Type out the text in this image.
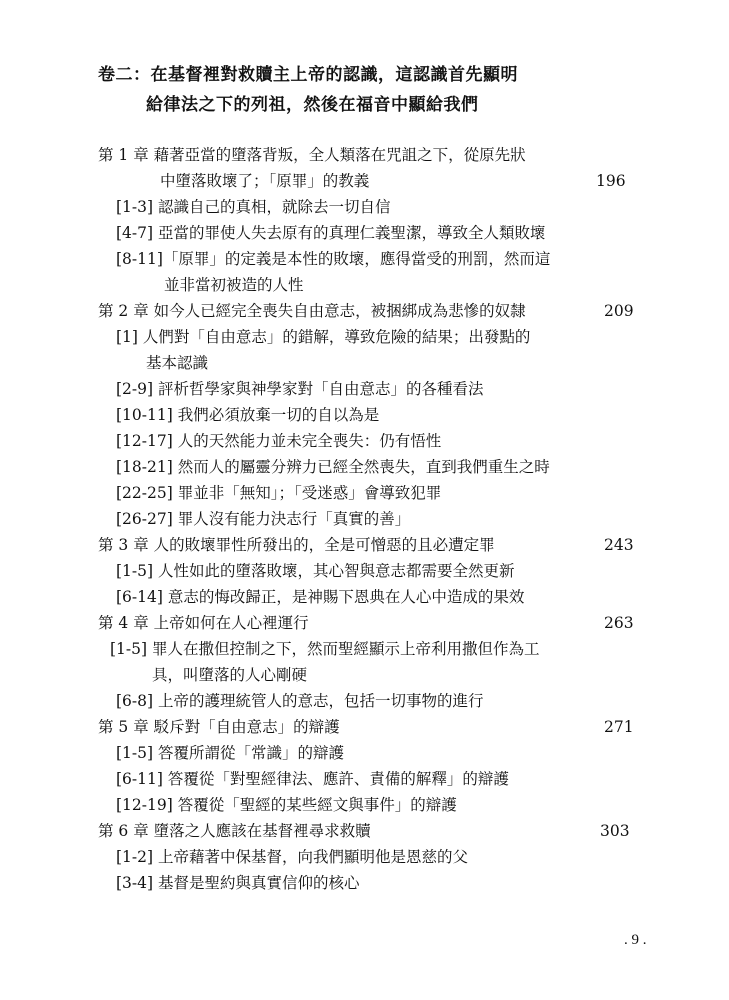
卷二：在基督裡對救贖主上帝的認識，這認識首先顯明
給律法之下的列祖，然後在福音中顯給我們
第 1 章 藉著亞當的墮落背叛，全人類落在咒詛之下，從原先狀
中墮落敗壞了；「原罪」的教義	196
[1-3] 認識自己的真相，就除去一切自信
[4-7] 亞當的罪使人失去原有的真理仁義聖潔，導致全人類敗壞
[8-11]「原罪」的定義是本性的敗壞，應得當受的刑罰，然而這
並非當初被造的人性
第 2 章 如今人已經完全喪失自由意志，被捆綁成為悲慘的奴隸	209
[1] 人們對「自由意志」的錯解，導致危險的結果；出發點的
基本認識
[2-9] 評析哲學家與神學家對「自由意志」的各種看法
[10-11] 我們必須放棄一切的自以為是
[12-17] 人的天然能力並未完全喪失：仍有悟性
[18-21] 然而人的屬靈分辨力已經全然喪失，直到我們重生之時
[22-25] 罪並非「無知」；「受迷惑」會導致犯罪
[26-27] 罪人沒有能力決志行「真實的善」
第 3 章 人的敗壞罪性所發出的，全是可憎惡的且必遭定罪	243
[1-5] 人性如此的墮落敗壞，其心智與意志都需要全然更新
[6-14] 意志的悔改歸正，是神賜下恩典在人心中造成的果效
第 4 章 上帝如何在人心裡運行	263
[1-5] 罪人在撒但控制之下，然而聖經顯示上帝利用撒但作為工
具，叫墮落的人心剛硬
[6-8] 上帝的護理統管人的意志，包括一切事物的進行
第 5 章 駁斥對「自由意志」的辯護	271
[1-5] 答覆所謂從「常識」的辯護
[6-11] 答覆從「對聖經律法、應許、責備的解釋」的辯護
[12-19] 答覆從「聖經的某些經文與事件」的辯護
第 6 章 墮落之人應該在基督裡尋求救贖	303
[1-2] 上帝藉著中保基督，向我們顯明他是恩慈的父
[3-4] 基督是聖約與真實信仰的核心
. 9 .
